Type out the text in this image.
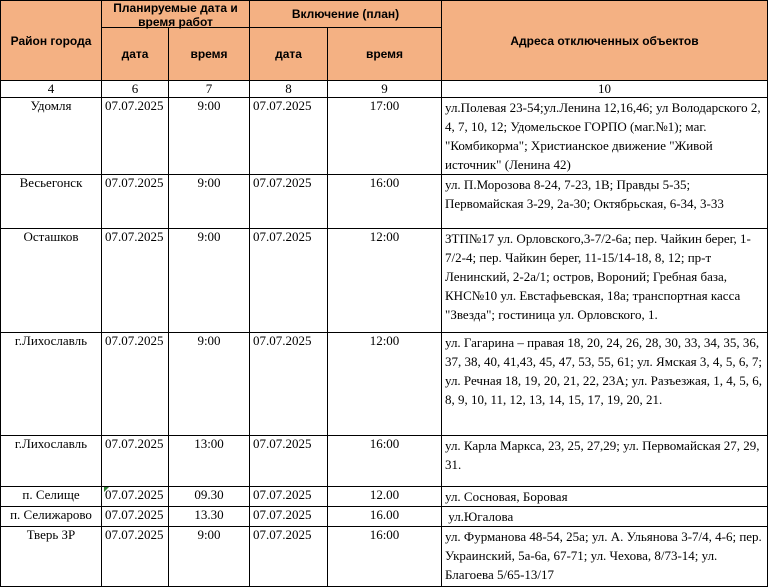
Район города	Планируемые дата и время работ		Включение (план)		Адреса отключенных объектов
	дата	время	дата	время	
4	6	7	8	9	10
Удомля	07.07.2025	9:00	07.07.2025	17:00	ул.Полевая 23-54;ул.Ленина 12,16,46; ул Володарского 2, 4, 7, 10, 12; Удомельское ГОРПО (маг.№1); маг. "Комбикорма"; Христианское движение "Живой источник" (Ленина 42)
Весьегонск	07.07.2025	9:00	07.07.2025	16:00	ул. П.Морозова 8-24, 7-23, 1В; Правды 5-35; Первомайская 3-29, 2а-30; Октябрьская, 6-34, 3-33
Осташков	07.07.2025	9:00	07.07.2025	12:00	ЗТП№17 ул. Орловского,3-7/2-6а; пер. Чайкин берег, 1-7/2-4; пер. Чайкин берег, 11-15/14-18, 8, 12; пр-т Ленинский, 2-2а/1; остров, Вороний; Гребная база, КНС№10 ул. Евстафьевская, 18а; транспортная касса "Звезда"; гостиница ул. Орловского, 1.
г.Лихославль	07.07.2025	9:00	07.07.2025	12:00	ул. Гагарина – правая 18, 20, 24, 26, 28, 30, 33, 34, 35, 36, 37, 38, 40, 41,43, 45, 47, 53, 55, 61; ул. Ямская 3, 4, 5, 6, 7; ул. Речная 18, 19, 20, 21, 22, 23А; ул. Разъезжая, 1, 4, 5, 6, 8, 9, 10, 11, 12, 13, 14, 15, 17, 19, 20, 21.
г.Лихославль	07.07.2025	13:00	07.07.2025	16:00	ул. Карла Маркса, 23, 25, 27,29; ул. Первомайская 27, 29, 31.
п. Селище	07.07.2025	09.30	07.07.2025	12.00	ул. Сосновая, Боровая
п. Селижарово	07.07.2025	13.30	07.07.2025	16.00	ул.Югалова
Тверь ЗР	07.07.2025	9:00	07.07.2025	16:00	ул. Фурманова 48-54, 25а; ул. А. Ульянова 3-7/4, 4-6; пер. Украинский, 5а-6а, 67-71; ул. Чехова, 8/73-14; ул. Благоева 5/65-13/17
